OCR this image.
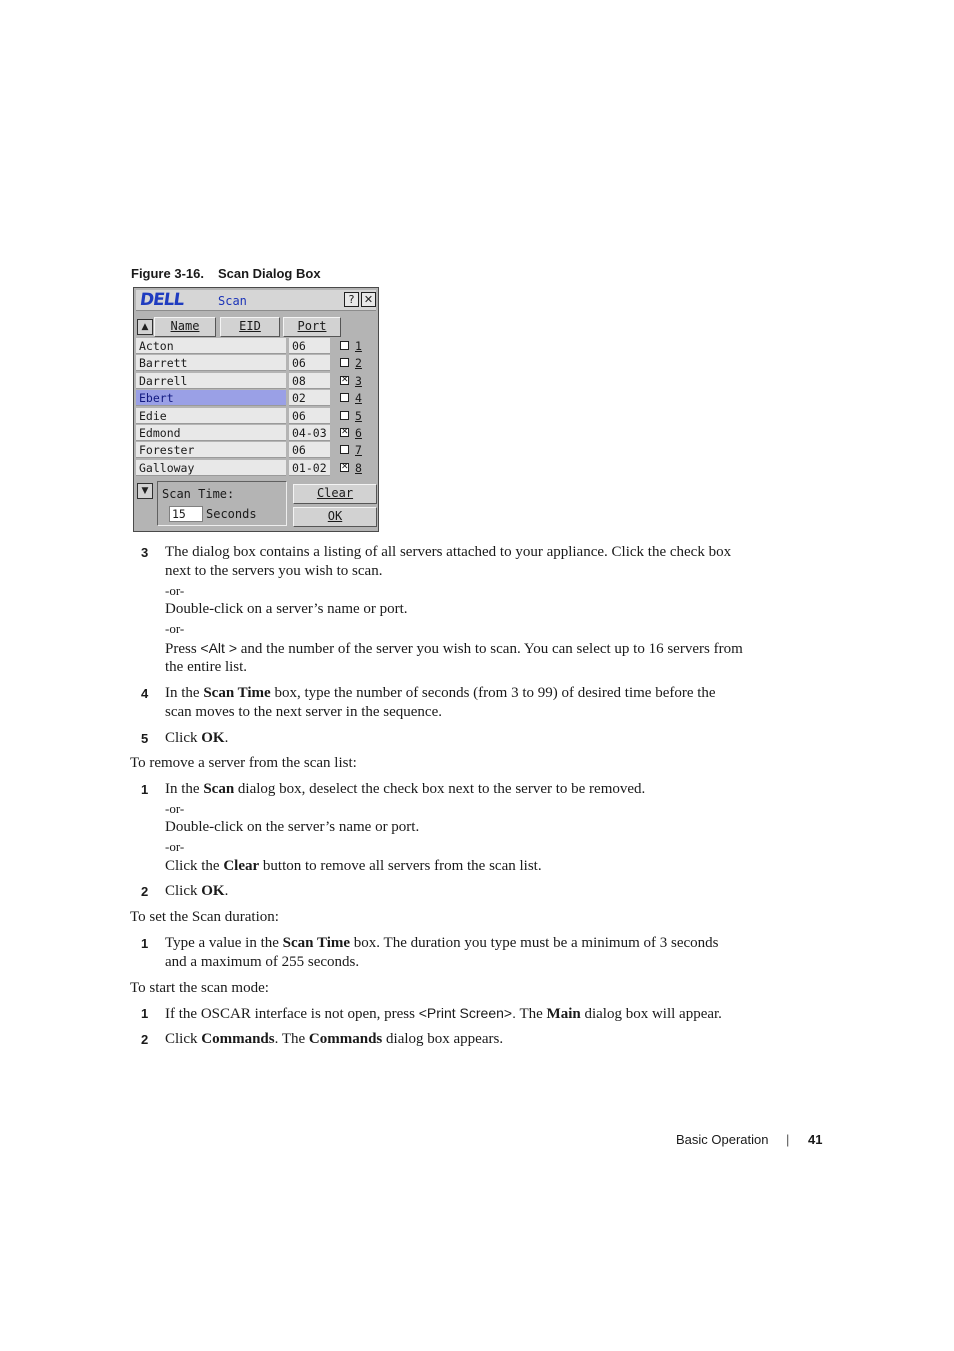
Figure 3-16. Scan Dialog Box
DELL	Scan	? ✕
▲	Name	EID	Port
Acton	06	1
Barrett	06	2
Darrell	08	✕ 3
Ebert	02	4
Edie	06	5
Edmond	04-03	✕ 6
Forester	06	7
Galloway	01-02	✕ 8
▼	Scan Time:
15	Seconds
Clear
OK
3 The dialog box contains a listing of all servers attached to your appliance. Click the check box
next to the servers you wish to scan.
-or-
Double-click on a server’s name or port.
-or-
Press <Alt > and the number of the server you wish to scan. You can select up to 16 servers from
the entire list.
4 In the Scan Time box, type the number of seconds (from 3 to 99) of desired time before the
scan moves to the next server in the sequence.
5 Click OK.
To remove a server from the scan list:
1 In the Scan dialog box, deselect the check box next to the server to be removed.
-or-
Double-click on the server’s name or port.
-or-
Click the Clear button to remove all servers from the scan list.
2 Click OK.
To set the Scan duration:
1 Type a value in the Scan Time box. The duration you type must be a minimum of 3 seconds
and a maximum of 255 seconds.
To start the scan mode:
1 If the OSCAR interface is not open, press <Print Screen>. The Main dialog box will appear.
2 Click Commands. The Commands dialog box appears.
Basic Operation | 41
